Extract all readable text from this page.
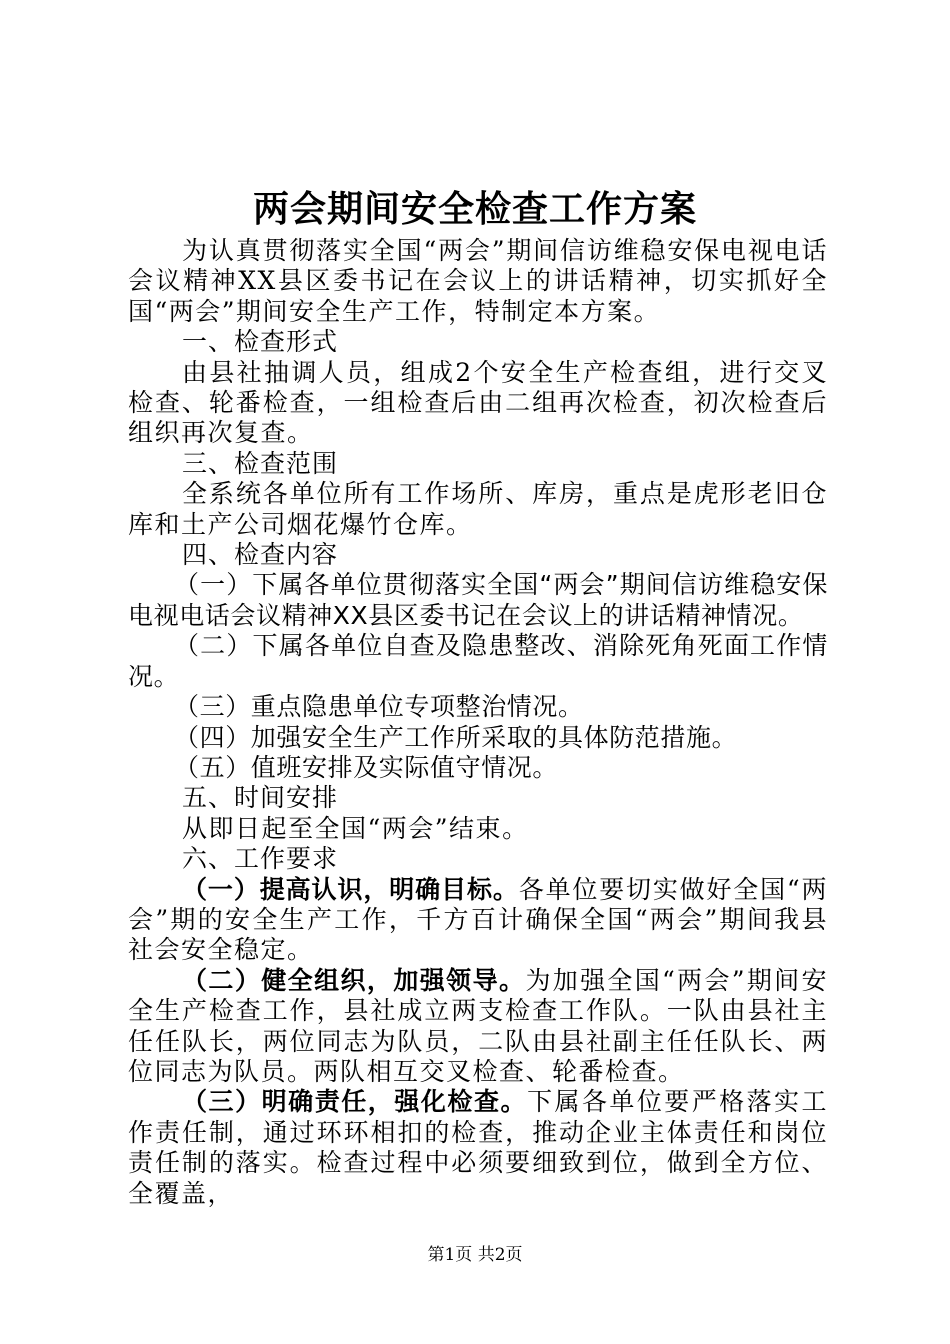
两会期间安全检查工作方案

为认真贯彻落实全国“两会”期间信访维稳安保电视电话会议精神XX县区委书记在会议上的讲话精神，切实抓好全国“两会”期间安全生产工作，特制定本方案。

一、检查形式

由县社抽调人员，组成2个安全生产检查组，进行交叉检查、轮番检查，一组检查后由二组再次检查，初次检查后组织再次复查。

三、检查范围

全系统各单位所有工作场所、库房，重点是虎形老旧仓库和土产公司烟花爆竹仓库。

四、检查内容

（一）下属各单位贯彻落实全国“两会”期间信访维稳安保电视电话会议精神XX县区委书记在会议上的讲话精神情况。

（二）下属各单位自查及隐患整改、消除死角死面工作情况。

（三）重点隐患单位专项整治情况。

（四）加强安全生产工作所采取的具体防范措施。

（五）值班安排及实际值守情况。

五、时间安排

从即日起至全国“两会”结束。

六、工作要求

（一）提高认识，明确目标。各单位要切实做好全国“两会”期的安全生产工作，千方百计确保全国“两会”期间我县社会安全稳定。

（二）健全组织，加强领导。为加强全国“两会”期间安全生产检查工作，县社成立两支检查工作队。一队由县社主任任队长，两位同志为队员，二队由县社副主任任队长、两位同志为队员。两队相互交叉检查、轮番检查。

（三）明确责任，强化检查。下属各单位要严格落实工作责任制，通过环环相扣的检查，推动企业主体责任和岗位责任制的落实。检查过程中必须要细致到位，做到全方位、全覆盖，

第1页 共2页
